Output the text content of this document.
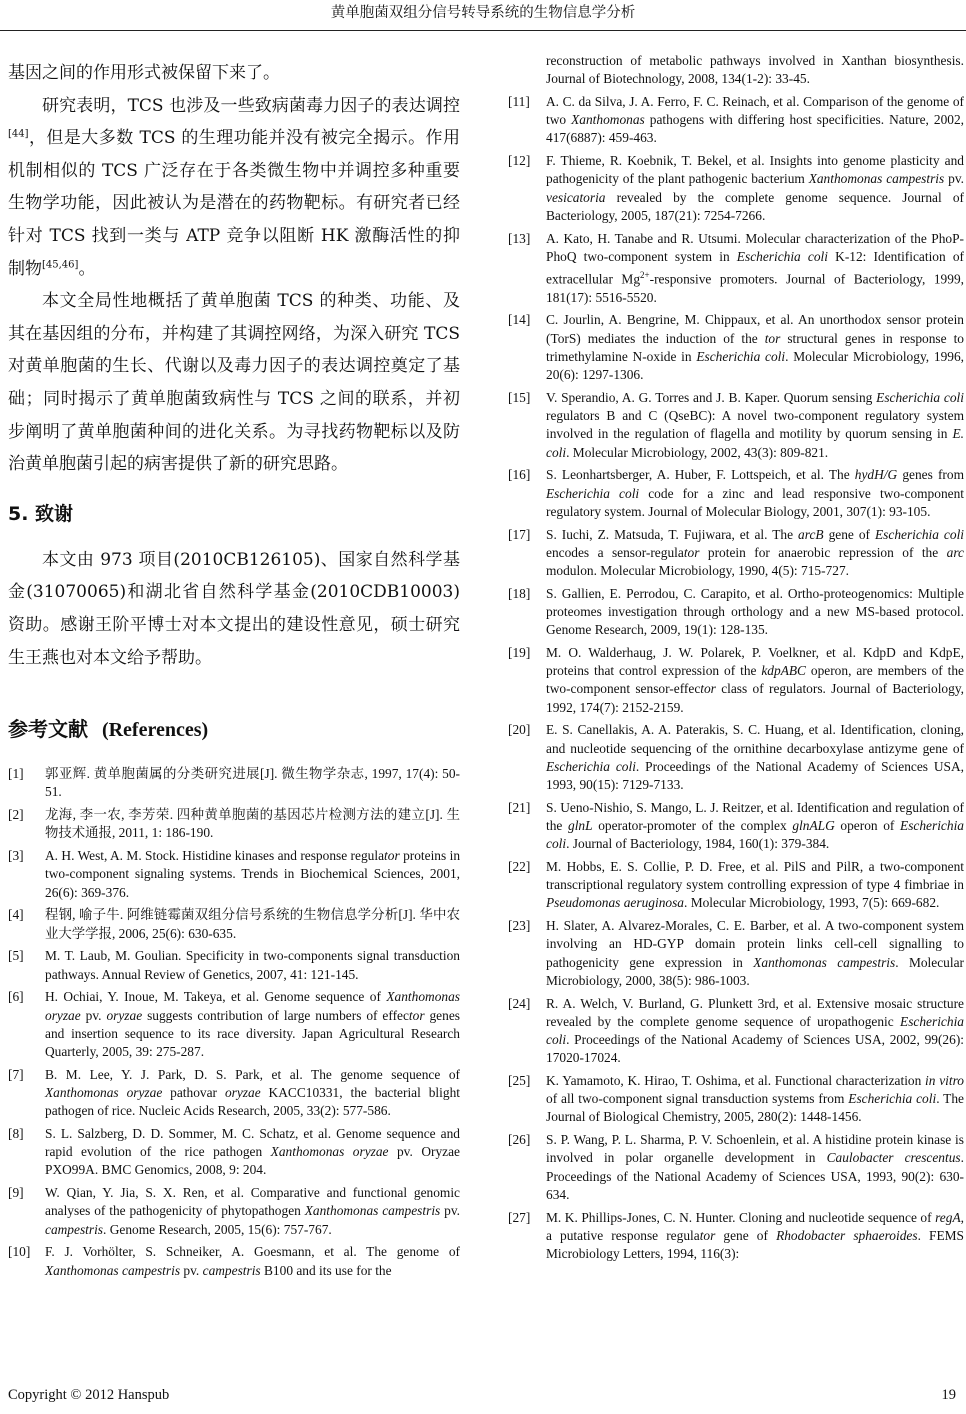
黄单胞菌双组分信号转导系统的生物信息学分析

基因之间的作用形式被保留下来了。

研究表明，TCS 也涉及一些致病菌毒力因子的表达调控[44]，但是大多数 TCS 的生理功能并没有被完全揭示。作用机制相似的 TCS 广泛存在于各类微生物中并调控多种重要生物学功能，因此被认为是潜在的药物靶标。有研究者已经针对 TCS 找到一类与 ATP 竞争以阻断 HK 激酶活性的抑制物[45,46]。

本文全局性地概括了黄单胞菌 TCS 的种类、功能、及其在基因组的分布，并构建了其调控网络，为深入研究 TCS 对黄单胞菌的生长、代谢以及毒力因子的表达调控奠定了基础；同时揭示了黄单胞菌致病性与 TCS 之间的联系，并初步阐明了黄单胞菌种间的进化关系。为寻找药物靶标以及防治黄单胞菌引起的病害提供了新的研究思路。

5. 致谢

本文由 973 项目(2010CB126105)、国家自然科学基金(31070065)和湖北省自然科学基金(2010CDB10003)资助。感谢王阶平博士对本文提出的建设性意见，硕士研究生王燕也对本文给予帮助。

参考文献 (References)
[1]	郭亚辉. 黄单胞菌属的分类研究进展[J]. 微生物学杂志, 1997, 17(4): 50-51.
[2]	龙海, 李一农, 李芳荣. 四种黄单胞菌的基因芯片检测方法的建立[J]. 生物技术通报, 2011, 1: 186-190.
[3]	A. H. West, A. M. Stock. Histidine kinases and response regulator proteins in two-component signaling systems. Trends in Biochemical Sciences, 2001, 26(6): 369-376.
[4]	程钢, 喻子牛. 阿维链霉菌双组分信号系统的生物信息学分析[J]. 华中农业大学学报, 2006, 25(6): 630-635.
[5]	M. T. Laub, M. Goulian. Specificity in two-components signal transduction pathways. Annual Review of Genetics, 2007, 41: 121-145.
[6]	H. Ochiai, Y. Inoue, M. Takeya, et al. Genome sequence of Xanthomonas oryzae pv. oryzae suggests contribution of large numbers of effector genes and insertion sequence to its race diversity. Japan Agricultural Research Quarterly, 2005, 39: 275-287.
[7]	B. M. Lee, Y. J. Park, D. S. Park, et al. The genome sequence of Xanthomonas oryzae pathovar oryzae KACC10331, the bacterial blight pathogen of rice. Nucleic Acids Research, 2005, 33(2): 577-586.
[8]	S. L. Salzberg, D. D. Sommer, M. C. Schatz, et al. Genome sequence and rapid evolution of the rice pathogen Xanthomonas oryzae pv. Oryzae PXO99A. BMC Genomics, 2008, 9: 204.
[9]	W. Qian, Y. Jia, S. X. Ren, et al. Comparative and functional genomic analyses of the pathogenicity of phytopathogen Xanthomonas campestris pv. campestris. Genome Research, 2005, 15(6): 757-767.
[10]	F. J. Vorhölter, S. Schneiker, A. Goesmann, et al. The genome of Xanthomonas campestris pv. campestris B100 and its use for the
reconstruction of metabolic pathways involved in Xanthan biosynthesis. Journal of Biotechnology, 2008, 134(1-2): 33-45.
[11]	A. C. da Silva, J. A. Ferro, F. C. Reinach, et al. Comparison of the genome of two Xanthomonas pathogens with differing host specificities. Nature, 2002, 417(6887): 459-463.
[12]	F. Thieme, R. Koebnik, T. Bekel, et al. Insights into genome plasticity and pathogenicity of the plant pathogenic bacterium Xanthomonas campestris pv. vesicatoria revealed by the complete genome sequence. Journal of Bacteriology, 2005, 187(21): 7254-7266.
[13]	A. Kato, H. Tanabe and R. Utsumi. Molecular characterization of the PhoP-PhoQ two-component system in Escherichia coli K-12: Identification of extracellular $Mg^{2+}$-responsive promoters. Journal of Bacteriology, 1999, 181(17): 5516-5520.
[14]	C. Jourlin, A. Bengrine, M. Chippaux, et al. An unorthodox sensor protein (TorS) mediates the induction of the tor structural genes in response to trimethylamine N-oxide in Escherichia coli. Molecular Microbiology, 1996, 20(6): 1297-1306.
[15]	V. Sperandio, A. G. Torres and J. B. Kaper. Quorum sensing Escherichia coli regulators B and C (QseBC): A novel two-component regulatory system involved in the regulation of flagella and motility by quorum sensing in E. coli. Molecular Microbiology, 2002, 43(3): 809-821.
[16]	S. Leonhartsberger, A. Huber, F. Lottspeich, et al. The hydH/G genes from Escherichia coli code for a zinc and lead responsive two-component regulatory system. Journal of Molecular Biology, 2001, 307(1): 93-105.
[17]	S. Iuchi, Z. Matsuda, T. Fujiwara, et al. The arcB gene of Escherichia coli encodes a sensor-regulator protein for anaerobic repression of the arc modulon. Molecular Microbiology, 1990, 4(5): 715-727.
[18]	S. Gallien, E. Perrodou, C. Carapito, et al. Ortho-proteogenomics: Multiple proteomes investigation through orthology and a new MS-based protocol. Genome Research, 2009, 19(1): 128-135.
[19]	M. O. Walderhaug, J. W. Polarek, P. Voelkner, et al. KdpD and KdpE, proteins that control expression of the kdpABC operon, are members of the two-component sensor-effector class of regulators. Journal of Bacteriology, 1992, 174(7): 2152-2159.
[20]	E. S. Canellakis, A. A. Paterakis, S. C. Huang, et al. Identification, cloning, and nucleotide sequencing of the ornithine decarboxylase antizyme gene of Escherichia coli. Proceedings of the National Academy of Sciences USA, 1993, 90(15): 7129-7133.
[21]	S. Ueno-Nishio, S. Mango, L. J. Reitzer, et al. Identification and regulation of the glnL operator-promoter of the complex glnALG operon of Escherichia coli. Journal of Bacteriology, 1984, 160(1): 379-384.
[22]	M. Hobbs, E. S. Collie, P. D. Free, et al. PilS and PilR, a two-component transcriptional regulatory system controlling expression of type 4 fimbriae in Pseudomonas aeruginosa. Molecular Microbiology, 1993, 7(5): 669-682.
[23]	H. Slater, A. Alvarez-Morales, C. E. Barber, et al. A two-component system involving an HD-GYP domain protein links cell-cell signalling to pathogenicity gene expression in Xanthomonas campestris. Molecular Microbiology, 2000, 38(5): 986-1003.
[24]	R. A. Welch, V. Burland, G. Plunkett 3rd, et al. Extensive mosaic structure revealed by the complete genome sequence of uropathogenic Escherichia coli. Proceedings of the National Academy of Sciences USA, 2002, 99(26): 17020-17024.
[25]	K. Yamamoto, K. Hirao, T. Oshima, et al. Functional characterization in vitro of all two-component signal transduction systems from Escherichia coli. The Journal of Biological Chemistry, 2005, 280(2): 1448-1456.
[26]	S. P. Wang, P. L. Sharma, P. V. Schoenlein, et al. A histidine protein kinase is involved in polar organelle development in Caulobacter crescentus. Proceedings of the National Academy of Sciences USA, 1993, 90(2): 630-634.
[27]	M. K. Phillips-Jones, C. N. Hunter. Cloning and nucleotide sequence of regA, a putative response regulator gene of Rhodobacter sphaeroides. FEMS Microbiology Letters, 1994, 116(3):
Copyright © 2012 Hanspub	19
